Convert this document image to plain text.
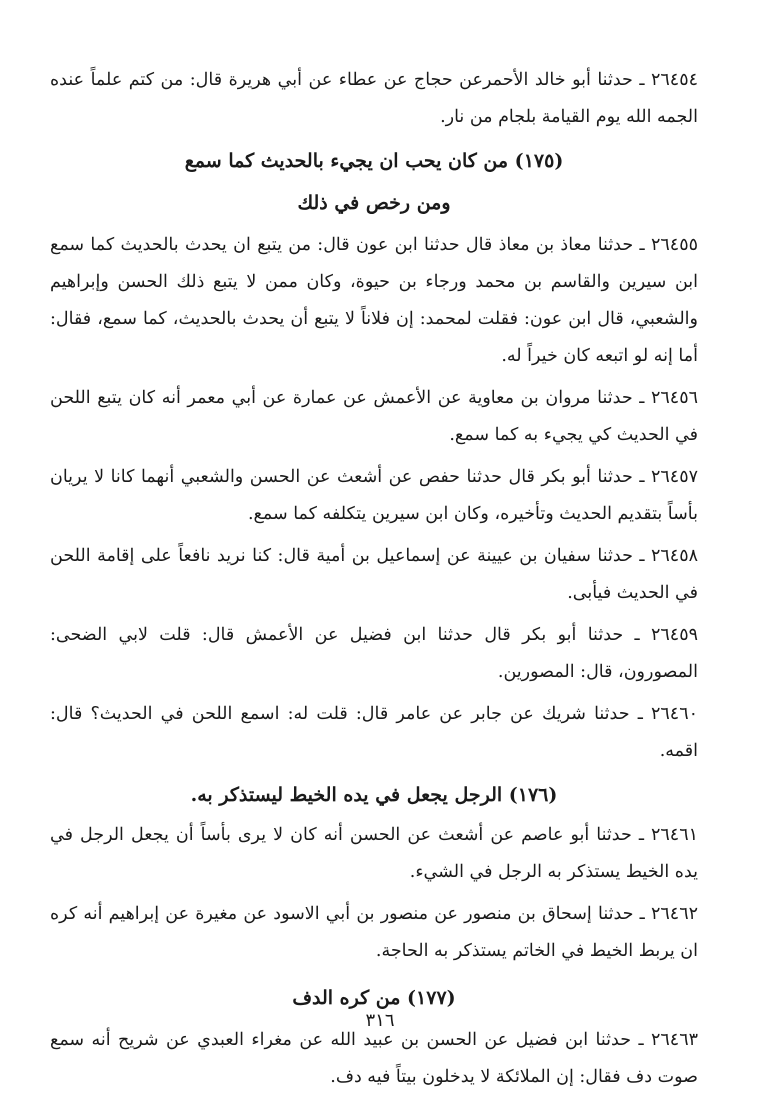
٢٦٤٥٤ ـ حدثنا أبو خالد الأحمرعن حجاج عن عطاء عن أبي هريرة قال: من كتم علماً عنده الجمه الله يوم القيامة بلجام من نار.

(١٧٥) من كان يحب ان يجيء بالحديث كما سمع
ومن رخص في ذلك

٢٦٤٥٥ ـ حدثنا معاذ بن معاذ قال حدثنا ابن عون قال: من يتبع ان يحدث بالحديث كما سمع ابن سيرين والقاسم بن محمد ورجاء بن حيوة، وكان ممن لا يتبع ذلك الحسن وإبراهيم والشعبي، قال ابن عون: فقلت لمحمد: إن فلاناً لا يتبع أن يحدث بالحديث، كما سمع، فقال: أما إنه لو اتبعه كان خيراً له.

٢٦٤٥٦ ـ حدثنا مروان بن معاوية عن الأعمش عن عمارة عن أبي معمر أنه كان يتبع اللحن في الحديث كي يجيء به كما سمع.

٢٦٤٥٧ ـ حدثنا أبو بكر قال حدثنا حفص عن أشعث عن الحسن والشعبي أنهما كانا لا يريان بأساً بتقديم الحديث وتأخيره، وكان ابن سيرين يتكلفه كما سمع.

٢٦٤٥٨ ـ حدثنا سفيان بن عيينة عن إسماعيل بن أمية قال: كنا نريد نافعاً على إقامة اللحن في الحديث فيأبى.

٢٦٤٥٩ ـ حدثنا أبو بكر قال حدثنا ابن فضيل عن الأعمش قال: قلت لابي الضحى: المصورون، قال: المصورين.

٢٦٤٦٠ ـ حدثنا شريك عن جابر عن عامر قال: قلت له: اسمع اللحن في الحديث؟ قال: اقمه.

(١٧٦) الرجل يجعل في يده الخيط ليستذكر به.

٢٦٤٦١ ـ حدثنا أبو عاصم عن أشعث عن الحسن أنه كان لا يرى بأساً أن يجعل الرجل في يده الخيط يستذكر به الرجل في الشيء.

٢٦٤٦٢ ـ حدثنا إسحاق بن منصور عن منصور بن أبي الاسود عن مغيرة عن إبراهيم أنه كره ان يربط الخيط في الخاتم يستذكر به الحاجة.

(١٧٧) من كره الدف

٢٦٤٦٣ ـ حدثنا ابن فضيل عن الحسن بن عبيد الله عن مغراء العبدي عن شريح أنه سمع صوت دف فقال: إن الملائكة لا يدخلون بيتاً فيه دف.

٣١٦
